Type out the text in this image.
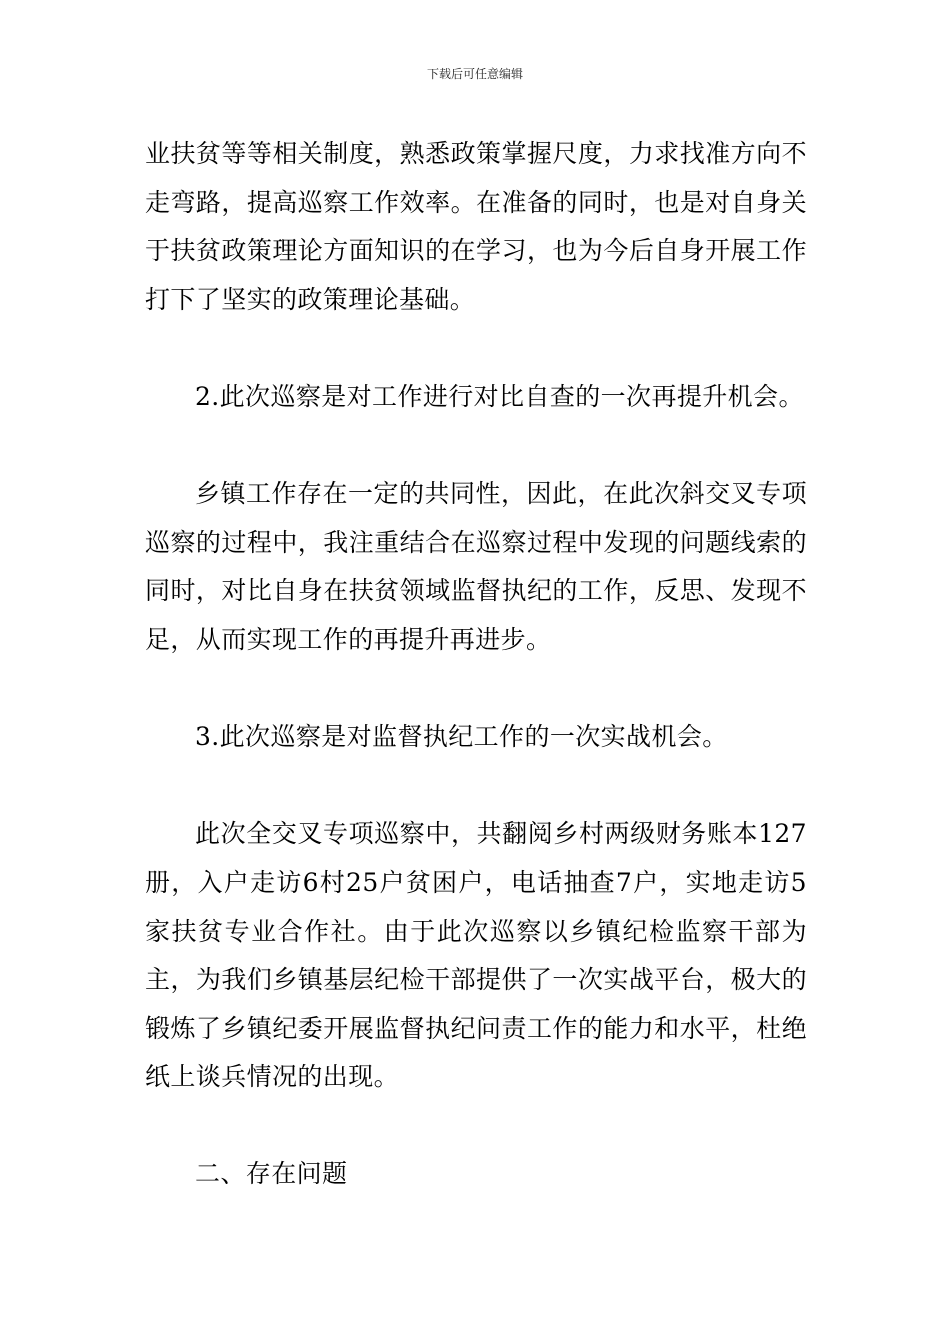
下载后可任意编辑

业扶贫等等相关制度，熟悉政策掌握尺度，力求找准方向不走弯路，提高巡察工作效率。在准备的同时，也是对自身关于扶贫政策理论方面知识的在学习，也为今后自身开展工作打下了坚实的政策理论基础。

2.此次巡察是对工作进行对比自查的一次再提升机会。

乡镇工作存在一定的共同性，因此，在此次斜交叉专项巡察的过程中，我注重结合在巡察过程中发现的问题线索的同时，对比自身在扶贫领域监督执纪的工作，反思、发现不足，从而实现工作的再提升再进步。

3.此次巡察是对监督执纪工作的一次实战机会。

此次全交叉专项巡察中，共翻阅乡村两级财务账本127册，入户走访6村25户贫困户，电话抽查7户，实地走访5家扶贫专业合作社。由于此次巡察以乡镇纪检监察干部为主，为我们乡镇基层纪检干部提供了一次实战平台，极大的锻炼了乡镇纪委开展监督执纪问责工作的能力和水平，杜绝纸上谈兵情况的出现。

二、存在问题
